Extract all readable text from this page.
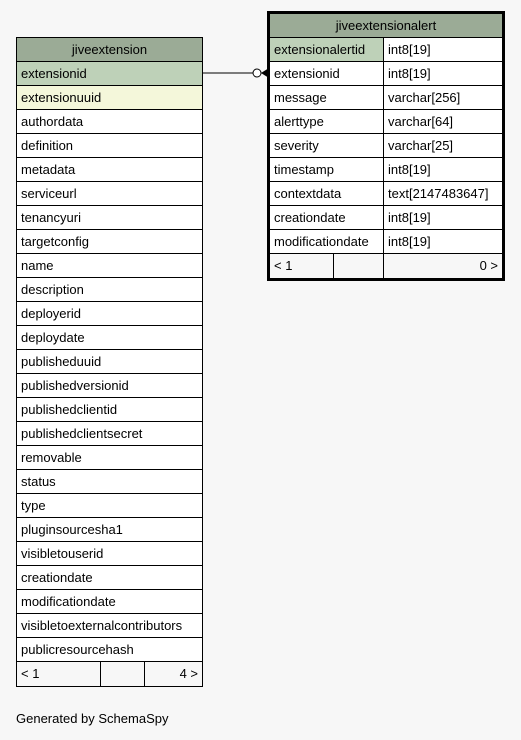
jiveextension
extensionid
extensionuuid
authordata
definition
metadata
serviceurl
tenancyuri
targetconfig
name
description
deployerid
deploydate
publisheduuid
publishedversionid
publishedclientid
publishedclientsecret
removable
status
type
pluginsourcesha1
visibletouserid
creationdate
modificationdate
visibletoexternalcontributors
publicresourcehash
< 1	4 >
jiveextensionalert
extensionalertid	int8[19]
extensionid	int8[19]
message	varchar[256]
alerttype	varchar[64]
severity	varchar[25]
timestamp	int8[19]
contextdata	text[2147483647]
creationdate	int8[19]
modificationdate	int8[19]
< 1	0 >
Generated by SchemaSpy
